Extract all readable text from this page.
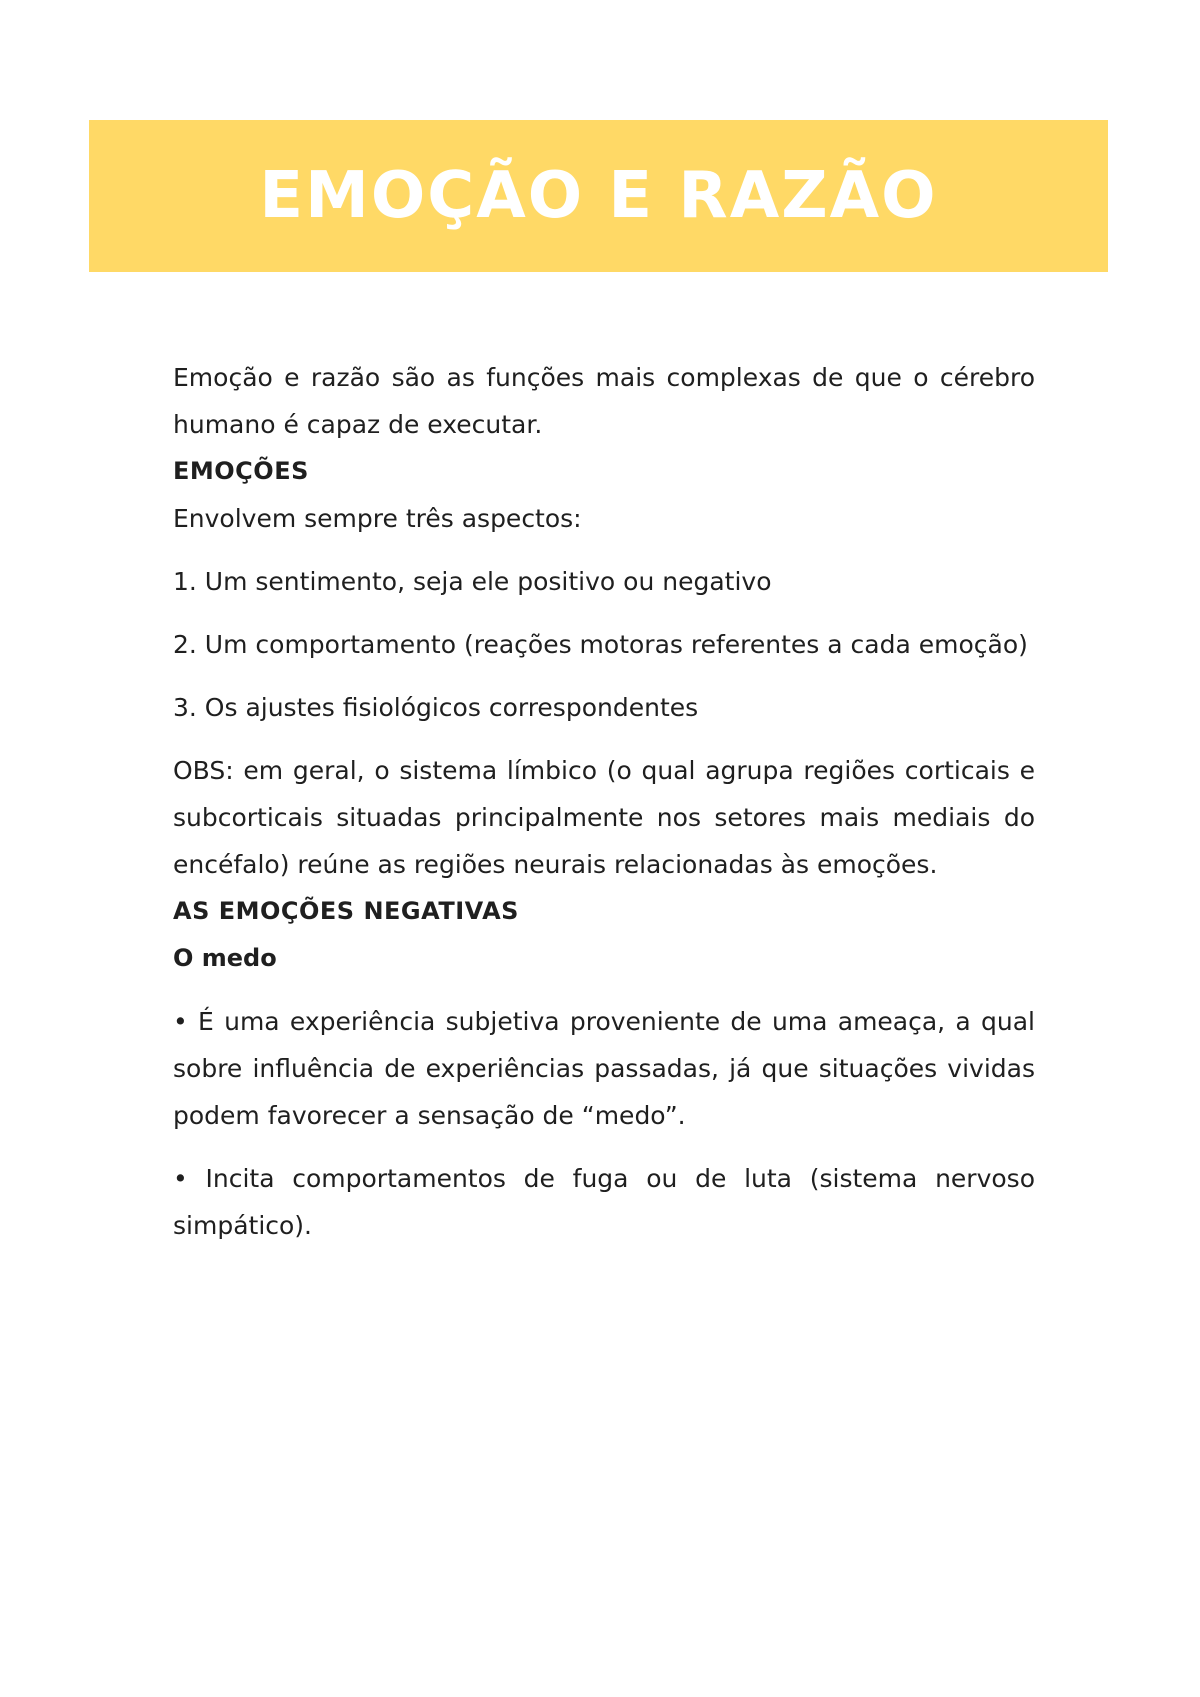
EMOÇÃO E RAZÃO

Emoção e razão são as funções mais complexas de que o cérebro humano é capaz de executar.

EMOÇÕES

Envolvem sempre três aspectos:

1. Um sentimento, seja ele positivo ou negativo

2. Um comportamento (reações motoras referentes a cada emoção)

3. Os ajustes fisiológicos correspondentes

OBS: em geral, o sistema límbico (o qual agrupa regiões corticais e subcorticais situadas principalmente nos setores mais mediais do encéfalo) reúne as regiões neurais relacionadas às emoções.

AS EMOÇÕES NEGATIVAS

O medo

• É uma experiência subjetiva proveniente de uma ameaça, a qual sobre influência de experiências passadas, já que situações vividas podem favorecer a sensação de “medo”.

• Incita comportamentos de fuga ou de luta (sistema nervoso simpático).
